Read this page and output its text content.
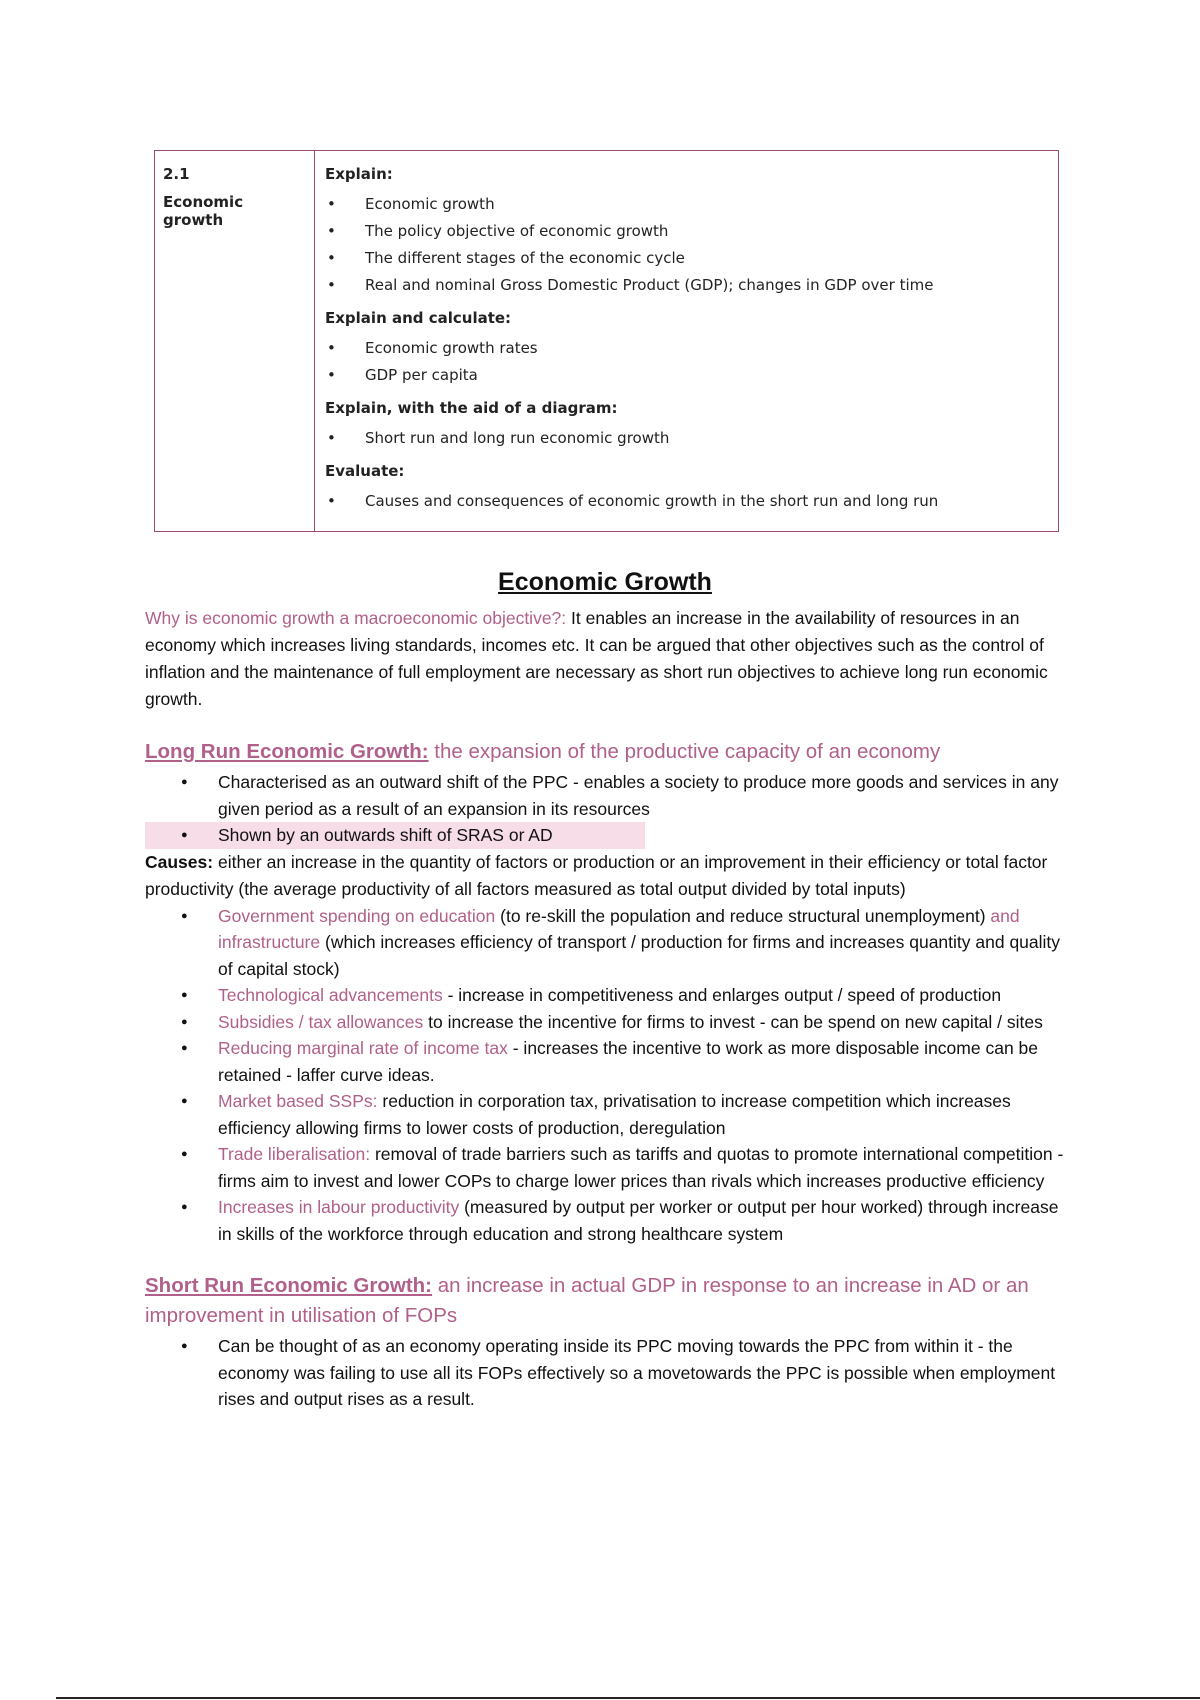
2.1
Economic growth
Explain:
• Economic growth
• The policy objective of economic growth
• The different stages of the economic cycle
• Real and nominal Gross Domestic Product (GDP); changes in GDP over time
Explain and calculate:
• Economic growth rates
• GDP per capita
Explain, with the aid of a diagram:
• Short run and long run economic growth
Evaluate:
• Causes and consequences of economic growth in the short run and long run
Economic Growth

Why is economic growth a macroeconomic objective?: It enables an increase in the availability of resources in an economy which increases living standards, incomes etc. It can be argued that other objectives such as the control of inflation and the maintenance of full employment are necessary as short run objectives to achieve long run economic growth.

Long Run Economic Growth: the expansion of the productive capacity of an economy
● Characterised as an outward shift of the PPC - enables a society to produce more goods and services in any given period as a result of an expansion in its resources
● Shown by an outwards shift of SRAS or AD

Causes: either an increase in the quantity of factors or production or an improvement in their efficiency or total factor productivity (the average productivity of all factors measured as total output divided by total inputs)

● Government spending on education (to re-skill the population and reduce structural unemployment) and infrastructure (which increases efficiency of transport / production for firms and increases quantity and quality of capital stock)
● Technological advancements - increase in competitiveness and enlarges output / speed of production
● Subsidies / tax allowances to increase the incentive for firms to invest - can be spend on new capital / sites
● Reducing marginal rate of income tax - increases the incentive to work as more disposable income can be retained - laffer curve ideas.
● Market based SSPs: reduction in corporation tax, privatisation to increase competition which increases efficiency allowing firms to lower costs of production, deregulation
● Trade liberalisation: removal of trade barriers such as tariffs and quotas to promote international competition - firms aim to invest and lower COPs to charge lower prices than rivals which increases productive efficiency
● Increases in labour productivity (measured by output per worker or output per hour worked) through increase in skills of the workforce through education and strong healthcare system
Short Run Economic Growth: an increase in actual GDP in response to an increase in AD or an improvement in utilisation of FOPs
● Can be thought of as an economy operating inside its PPC moving towards the PPC from within it - the economy was failing to use all its FOPs effectively so a movetowards the PPC is possible when employment rises and output rises as a result.
